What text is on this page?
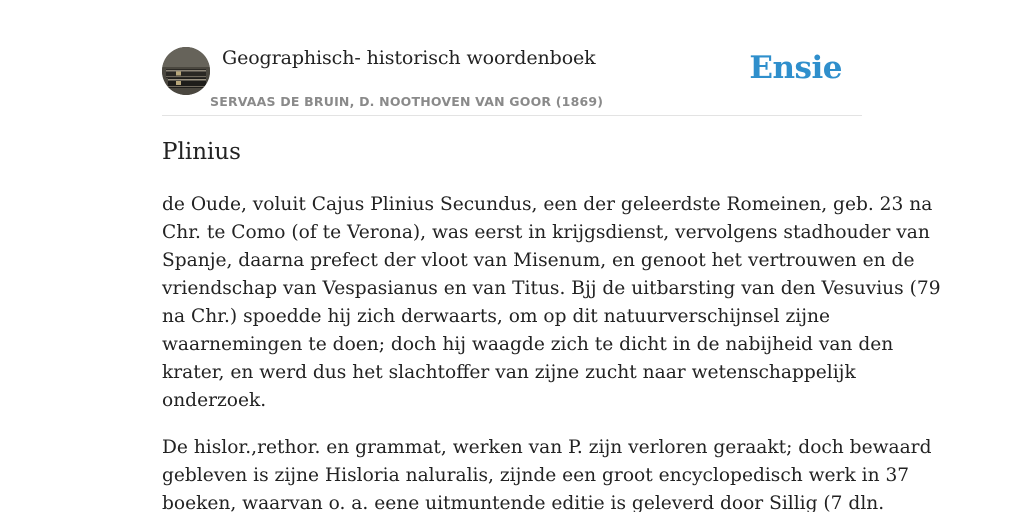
Geographisch- historisch woordenboek
SERVAAS DE BRUIN, D. NOOTHOVEN VAN GOOR (1869)
Ensie
Plinius

de Oude, voluit Cajus Plinius Secundus, een der geleerdste Romeinen, geb. 23 na
Chr. te Como (of te Verona), was eerst in krijgsdienst, vervolgens stadhouder van
Spanje, daarna prefect der vloot van Misenum, en genoot het vertrouwen en de
vriendschap van Vespasianus en van Titus. Bjj de uitbarsting van den Vesuvius (79
na Chr.) spoedde hij zich derwaarts, om op dit natuurverschijnsel zijne
waarnemingen te doen; doch hij waagde zich te dicht in de nabijheid van den
krater, en werd dus het slachtoffer van zijne zucht naar wetenschappelijk
onderzoek.

De hislor.,rethor. en grammat, werken van P. zijn verloren geraakt; doch bewaard
gebleven is zijne Hisloria naluralis, zijnde een groot encyclopedisch werk in 37
boeken, waarvan o. a. eene uitmuntende editie is geleverd door Sillig (7 dln.
